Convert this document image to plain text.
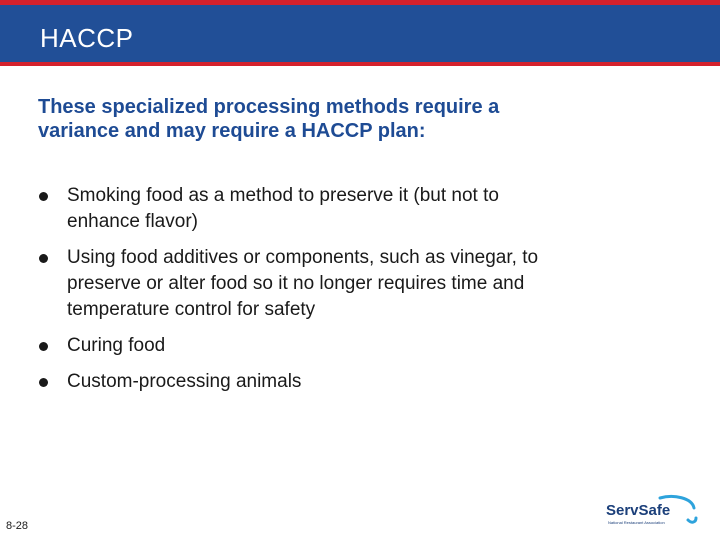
HACCP
These specialized processing methods require a variance and may require a HACCP plan:
Smoking food as a method to preserve it (but not to enhance flavor)
Using food additives or components, such as vinegar, to preserve or alter food so it no longer requires time and temperature control for safety
Curing food
Custom-processing animals
8-28
ServSafe
National Restaurant Association
